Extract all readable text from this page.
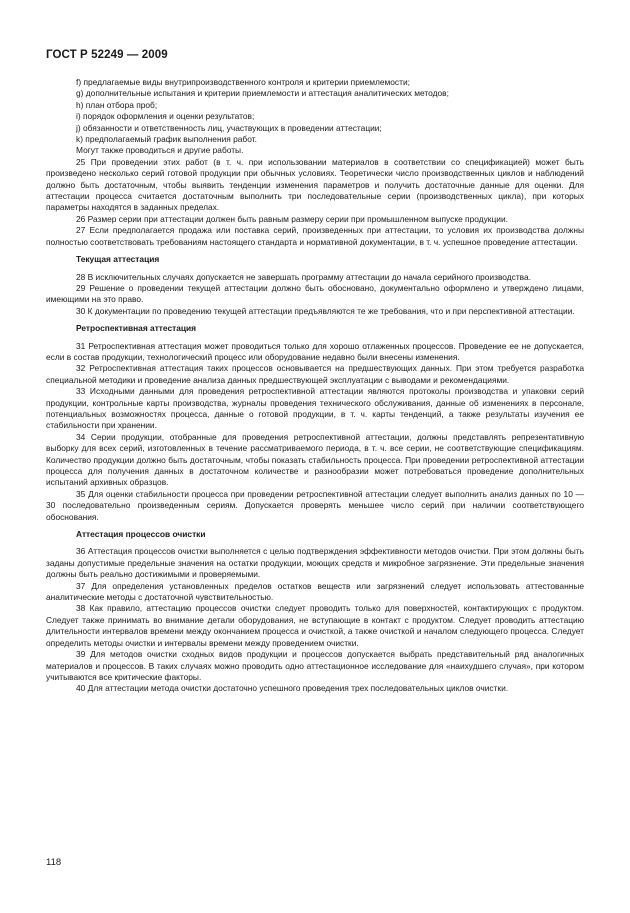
ГОСТ Р 52249 — 2009

f) предлагаемые виды внутрипроизводственного контроля и критерии приемлемости;

g) дополнительные испытания и критерии приемлемости и аттестация аналитических методов;

h) план отбора проб;

i) порядок оформления и оценки результатов;

j) обязанности и ответственность лиц, участвующих в проведении аттестации;

k) предполагаемый график выполнения работ.

Могут также проводиться и другие работы.

25 При проведении этих работ (в т. ч. при использовании материалов в соответствии со спецификацией) может быть произведено несколько серий готовой продукции при обычных условиях. Теоретически число производственных циклов и наблюдений должно быть достаточным, чтобы выявить тенденции изменения параметров и получить достаточные данные для оценки. Для аттестации процесса считается достаточным выполнить три последовательные серии (производственных цикла), при которых параметры находятся в заданных пределах.

26 Размер серии при аттестации должен быть равным размеру серии при промышленном выпуске продукции.

27 Если предполагается продажа или поставка серий, произведенных при аттестации, то условия их производства должны полностью соответствовать требованиям настоящего стандарта и нормативной документации, в т. ч. успешное проведение аттестации.

Текущая аттестация

28 В исключительных случаях допускается не завершать программу аттестации до начала серийного производства.

29 Решение о проведении текущей аттестации должно быть обосновано, документально оформлено и утверждено лицами, имеющими на это право.

30 К документации по проведению текущей аттестации предъявляются те же требования, что и при перспективной аттестации.

Ретроспективная аттестация

31 Ретроспективная аттестация может проводиться только для хорошо отлаженных процессов. Проведение ее не допускается, если в состав продукции, технологический процесс или оборудование недавно были внесены изменения.

32 Ретроспективная аттестация таких процессов основывается на предшествующих данных. При этом требуется разработка специальной методики и проведение анализа данных предшествующей эксплуатации с выводами и рекомендациями.

33 Исходными данными для проведения ретроспективной аттестации являются протоколы производства и упаковки серий продукции, контрольные карты производства, журналы проведения технического обслуживания, данные об изменениях в персонале, потенциальных возможностях процесса, данные о готовой продукции, в т. ч. карты тенденций, а также результаты изучения ее стабильности при хранении.

34 Серии продукции, отобранные для проведения ретроспективной аттестации, должны представлять репрезентативную выборку для всех серий, изготовленных в течение рассматриваемого периода, в т. ч. все серии, не соответствующие спецификациям. Количество продукции должно быть достаточным, чтобы показать стабильность процесса. При проведении ретроспективной аттестации процесса для получения данных в достаточном количестве и разнообразии может потребоваться проведение дополнительных испытаний архивных образцов.

35 Для оценки стабильности процесса при проведении ретроспективной аттестации следует выполнить анализ данных по 10 — 30 последовательно произведенным сериям. Допускается проверять меньшее число серий при наличии соответствующего обоснования.

Аттестация процессов очистки

36 Аттестация процессов очистки выполняется с целью подтверждения эффективности методов очистки. При этом должны быть заданы допустимые предельные значения на остатки продукции, моющих средств и микробное загрязнение. Эти предельные значения должны быть реально достижимыми и проверяемыми.

37 Для определения установленных пределов остатков веществ или загрязнений следует использовать аттестованные аналитические методы с достаточной чувствительностью.

38 Как правило, аттестацию процессов очистки следует проводить только для поверхностей, контактирующих с продуктом. Следует также принимать во внимание детали оборудования, не вступающие в контакт с продуктом. Следует проводить аттестацию длительности интервалов времени между окончанием процесса и очисткой, а также очисткой и началом следующего процесса. Следует определить методы очистки и интервалы времени между проведением очистки.

39 Для методов очистки сходных видов продукции и процессов допускается выбрать представительный ряд аналогичных материалов и процессов. В таких случаях можно проводить одно аттестационное исследование для «наихудшего случая», при котором учитываются все критические факторы.

40 Для аттестации метода очистки достаточно успешного проведения трех последовательных циклов очистки.

118
